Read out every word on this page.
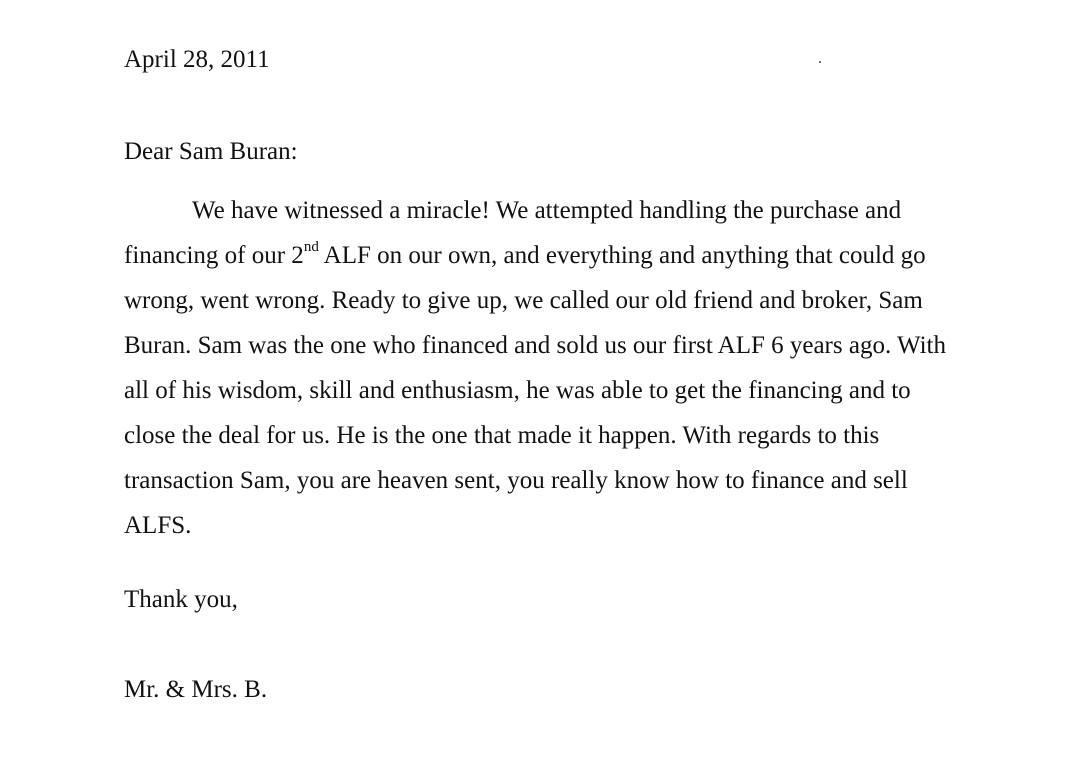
April 28, 2011
Dear Sam Buran:
We have witnessed a miracle! We attempted handling the purchase and
financing of our 2nd ALF on our own, and everything and anything that could go
wrong, went wrong. Ready to give up, we called our old friend and broker, Sam
Buran. Sam was the one who financed and sold us our first ALF 6 years ago. With
all of his wisdom, skill and enthusiasm, he was able to get the financing and to
close the deal for us. He is the one that made it happen. With regards to this
transaction Sam, you are heaven sent, you really know how to finance and sell
ALFS.
Thank you,
Mr. & Mrs. B.
